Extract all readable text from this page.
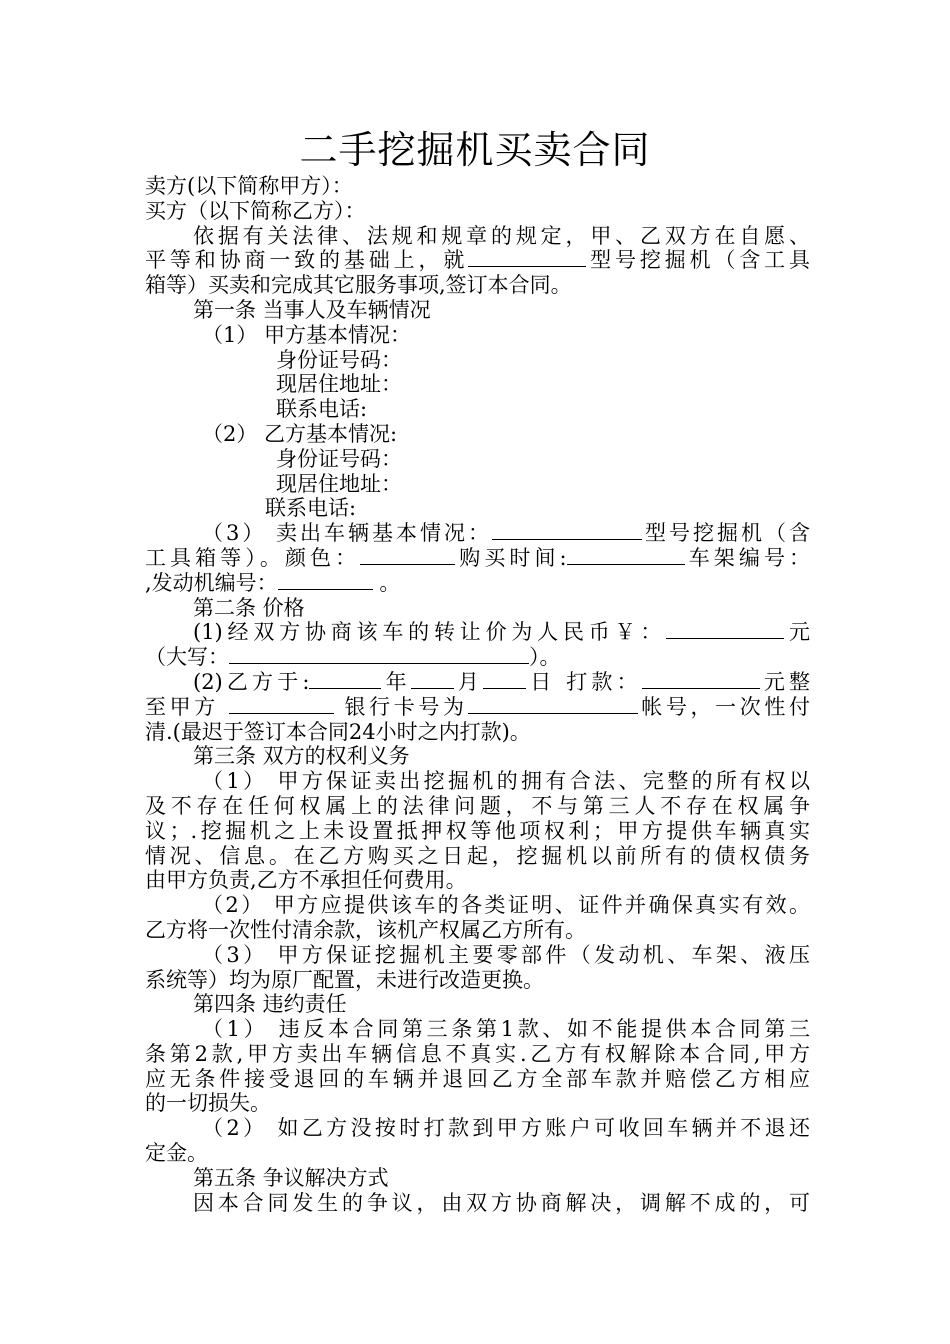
二手挖掘机买卖合同
卖方(以下简称甲方）：
买方（以下简称乙方）：
依据有关法律、法规和规章的规定，甲、乙双方在自愿、
平等和协商一致的基础上，就	型号挖掘机（含工具
箱等）买卖和完成其它服务事项,签订本合同。
第一条 当事人及车辆情况
（1） 甲方基本情况：
身份证号码：
现居住地址：
联系电话:
（2） 乙方基本情况:
身份证号码：
现居住地址：
联系电话:
（3） 卖出车辆基本情况：	型号挖掘机（含
工具箱等）。颜色：	购买时间:	车架编号：
,发动机编号：	。
第二条 价格
(1)经双方协商该车的转让价为人民币￥：	元
（大写：	）。
(2)乙方于:	年 月 日 打款：	元整
至甲方	银行卡号为	帐号，一次性付
清.(最迟于签订本合同24小时之内打款)。
第三条 双方的权利义务
（1） 甲方保证卖出挖掘机的拥有合法、完整的所有权以
及不存在任何权属上的法律问题，不与第三人不存在权属争
议；.挖掘机之上未设置抵押权等他项权利；甲方提供车辆真实
情况、信息。在乙方购买之日起，挖掘机以前所有的债权债务
由甲方负责,乙方不承担任何费用。
（2） 甲方应提供该车的各类证明、证件并确保真实有效。
乙方将一次性付清余款，该机产权属乙方所有。
（3） 甲方保证挖掘机主要零部件（发动机、车架、液压
系统等）均为原厂配置，未进行改造更换。
第四条 违约责任
（1） 违反本合同第三条第1款、如不能提供本合同第三
条第2款,甲方卖出车辆信息不真实.乙方有权解除本合同,甲方
应无条件接受退回的车辆并退回乙方全部车款并赔偿乙方相应
的一切损失。
（2） 如乙方没按时打款到甲方账户可收回车辆并不退还
定金。
第五条 争议解决方式
因本合同发生的争议，由双方协商解决，调解不成的，可
